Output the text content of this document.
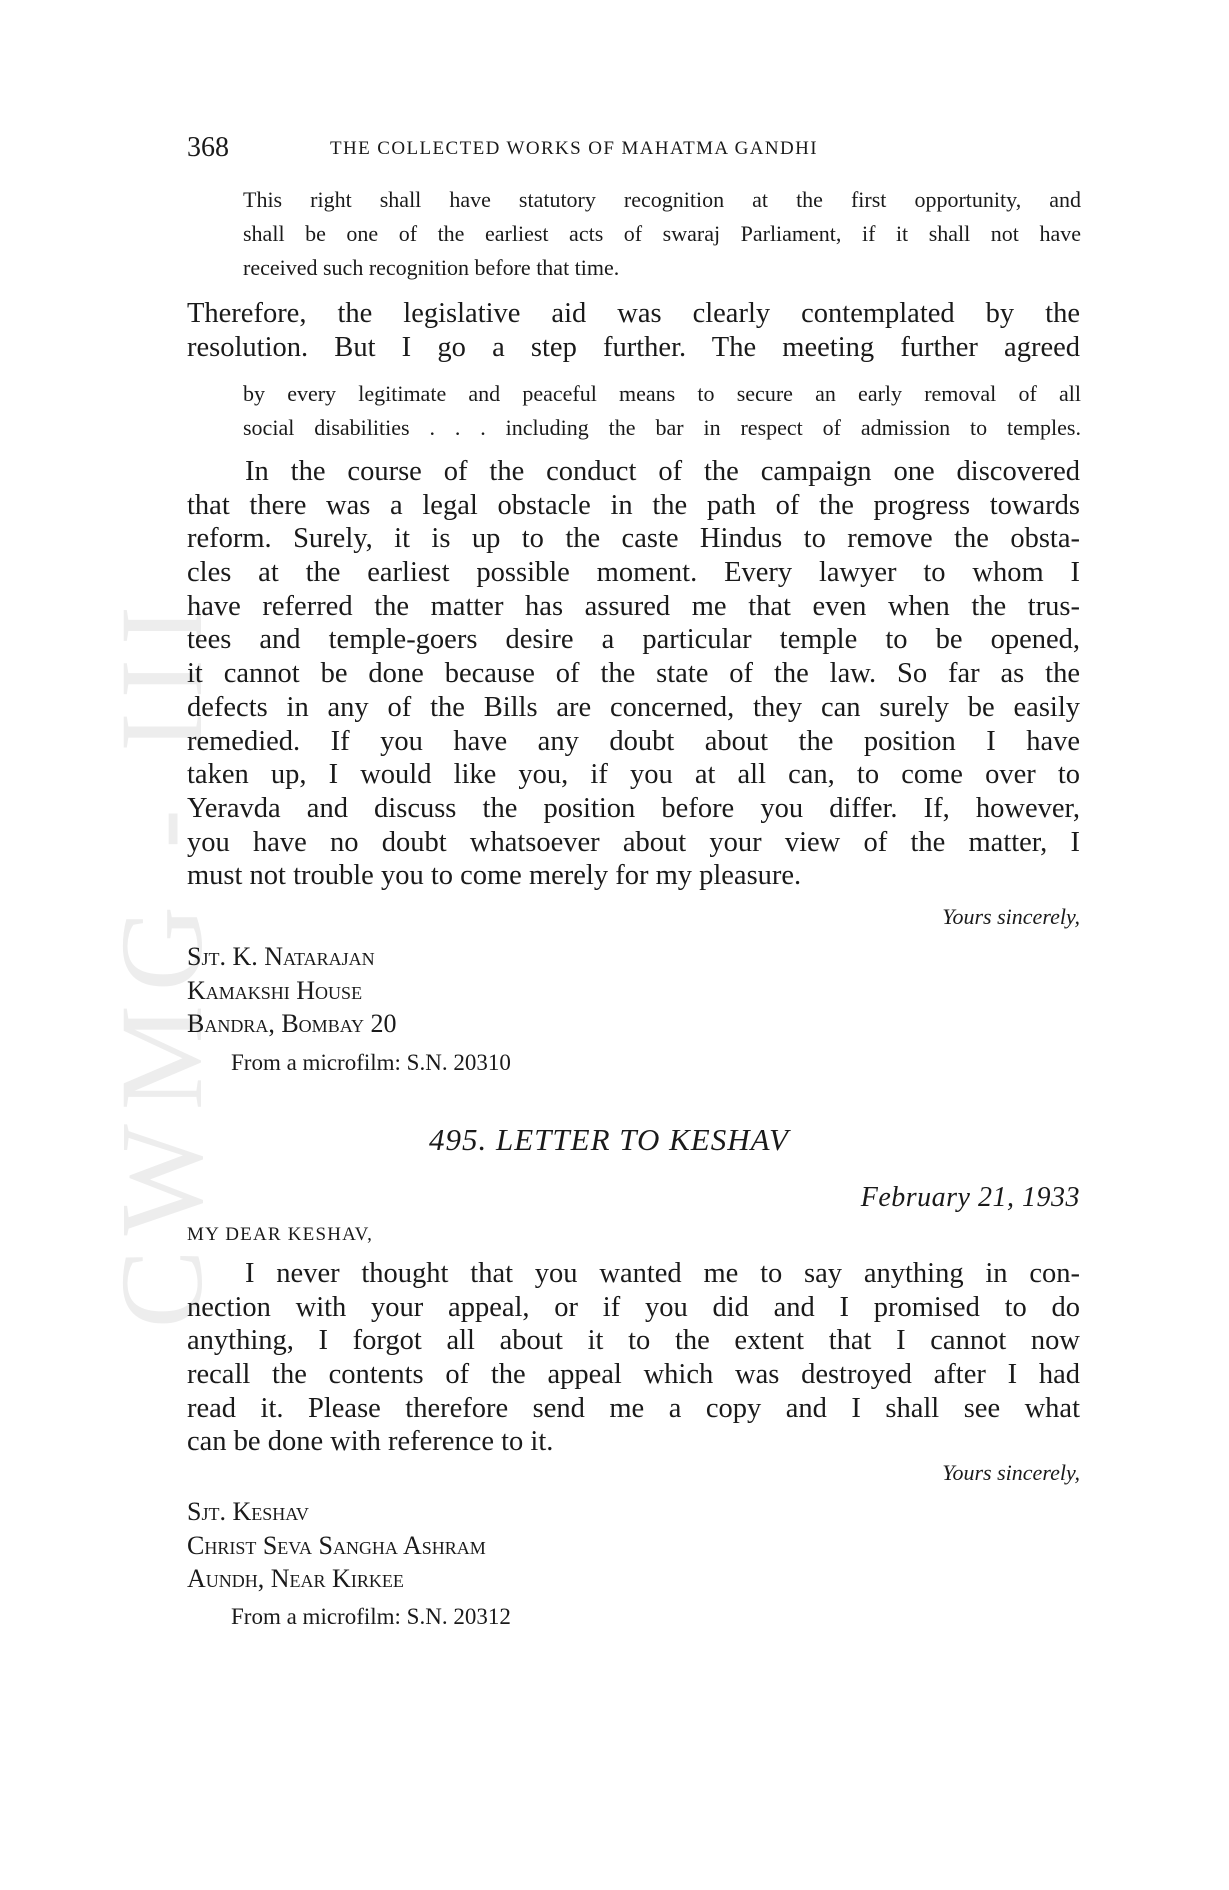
CWMG - III
368	THE COLLECTED WORKS OF MAHATMA GANDHI
This right shall have statutory recognition at the first opportunity, and
shall be one of the earliest acts of swaraj Parliament, if it shall not have
received such recognition before that time.
Therefore, the legislative aid was clearly contemplated by the
resolution. But I go a step further. The meeting further agreed
by every legitimate and peaceful means to secure an early removal of all
social disabilities . . . including the bar in respect of admission to temples.
In the course of the conduct of the campaign one discovered
that there was a legal obstacle in the path of the progress towards
reform. Surely, it is up to the caste Hindus to remove the obsta-
cles at the earliest possible moment. Every lawyer to whom I
have referred the matter has assured me that even when the trus-
tees and temple-goers desire a particular temple to be opened,
it cannot be done because of the state of the law. So far as the
defects in any of the Bills are concerned, they can surely be easily
remedied. If you have any doubt about the position I have
taken up, I would like you, if you at all can, to come over to
Yeravda and discuss the position before you differ. If, however,
you have no doubt whatsoever about your view of the matter, I
must not trouble you to come merely for my pleasure.
Yours sincerely,
Sjt. K. Natarajan
Kamakshi House
Bandra, Bombay 20
From a microfilm: S.N. 20310
495. LETTER TO KESHAV
February 21, 1933
MY DEAR KESHAV,
I never thought that you wanted me to say anything in con-
nection with your appeal, or if you did and I promised to do
anything, I forgot all about it to the extent that I cannot now
recall the contents of the appeal which was destroyed after I had
read it. Please therefore send me a copy and I shall see what
can be done with reference to it.
Yours sincerely,
Sjt. Keshav
Christ Seva Sangha Ashram
Aundh, Near Kirkee
From a microfilm: S.N. 20312
